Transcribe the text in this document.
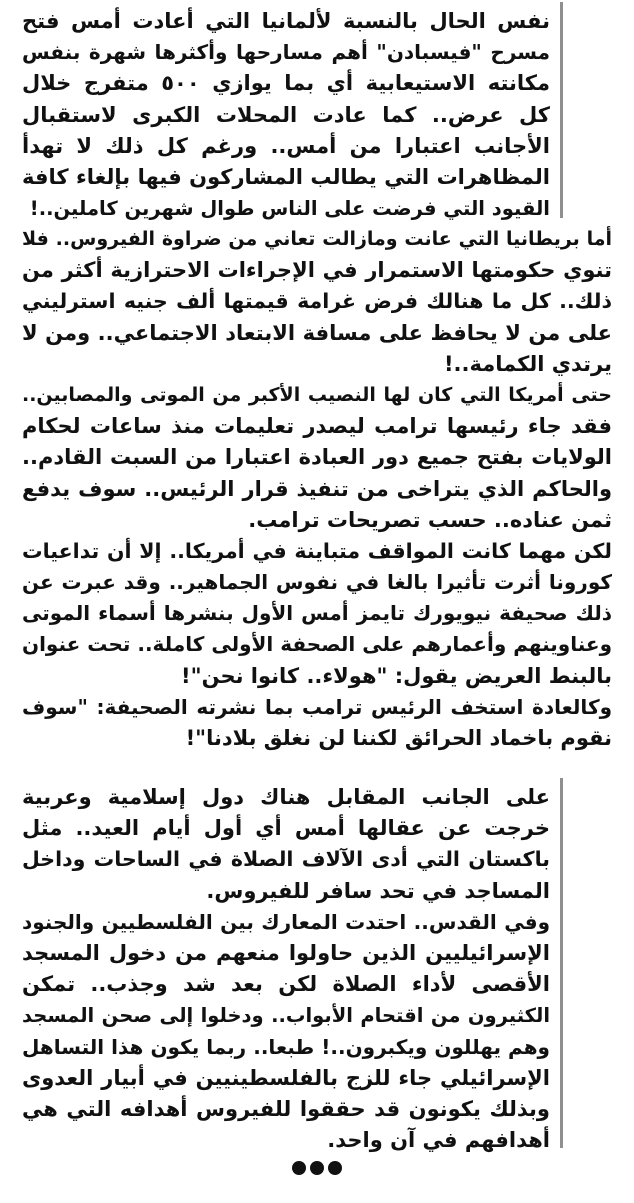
نفس الحال بالنسبة لألمانيا التي أعادت أمس فتح
مسرح "فيسبادن" أهم مسارحها وأكثرها شهرة بنفس
مكانته الاستيعابية أي بما يوازي ٥٠٠ متفرج خلال
كل عرض.. كما عادت المحلات الكبرى لاستقبال
الأجانب اعتبارا من أمس.. ورغم كل ذلك لا تهدأ
المظاهرات التي يطالب المشاركون فيها بإلغاء كافة
القيود التي فرضت على الناس طوال شهرين كاملين..!
أما بريطانيا التي عانت ومازالت تعاني من ضراوة الفيروس.. فلا
تنوي حكومتها الاستمرار في الإجراءات الاحترازية أكثر من
ذلك.. كل ما هنالك فرض غرامة قيمتها ألف جنيه استرليني
على من لا يحافظ على مسافة الابتعاد الاجتماعي.. ومن لا
يرتدي الكمامة..!
حتى أمريكا التي كان لها النصيب الأكبر من الموتى والمصابين..
فقد جاء رئيسها ترامب ليصدر تعليمات منذ ساعات لحكام
الولايات بفتح جميع دور العبادة اعتبارا من السبت القادم..
والحاكم الذي يتراخى من تنفيذ قرار الرئيس.. سوف يدفع
ثمن عناده.. حسب تصريحات ترامب.
لكن مهما كانت المواقف متباينة في أمريكا.. إلا أن تداعيات
كورونا أثرت تأثيرا بالغا في نفوس الجماهير.. وقد عبرت عن
ذلك صحيفة نيويورك تايمز أمس الأول بنشرها أسماء الموتى
وعناوينهم وأعمارهم على الصحفة الأولى كاملة.. تحت عنوان
بالبنط العريض يقول: "هولاء.. كانوا نحن"!
وكالعادة استخف الرئيس ترامب بما نشرته الصحيفة: "سوف
نقوم باخماد الحرائق لكننا لن نغلق بلادنا"!
على الجانب المقابل هناك دول إسلامية وعربية
خرجت عن عقالها أمس أي أول أيام العيد.. مثل
باكستان التي أدى الآلاف الصلاة في الساحات وداخل
المساجد في تحد سافر للفيروس.
وفي القدس.. احتدت المعارك بين الفلسطيين والجنود
الإسرائيليين الذين حاولوا منعهم من دخول المسجد
الأقصى لأداء الصلاة لكن بعد شد وجذب.. تمكن
الكثيرون من اقتحام الأبواب.. ودخلوا إلى صحن المسجد
وهم يهللون ويكبرون..! طبعا.. ربما يكون هذا التساهل
الإسرائيلي جاء للزج بالفلسطينيين في أبيار العدوى
وبذلك يكونون قد حققوا للفيروس أهدافه التي هي
أهدافهم في آن واحد.
